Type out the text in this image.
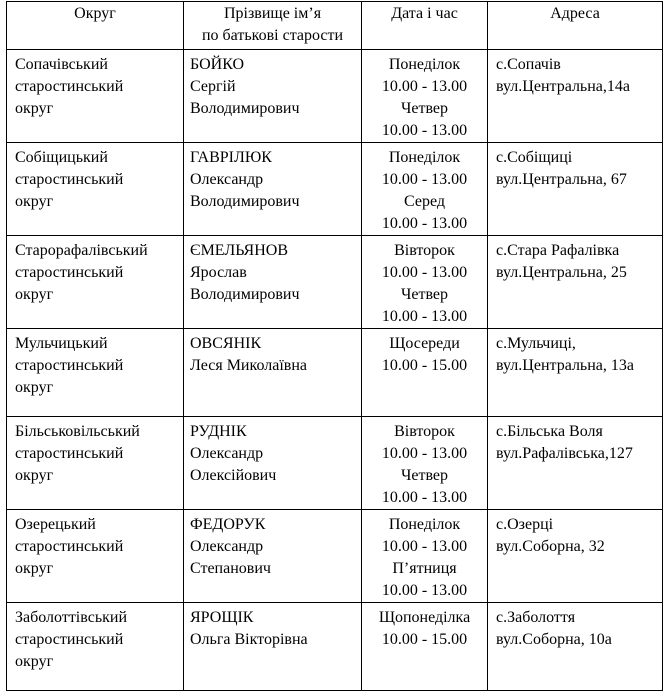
Округ	Прізвище ім’я
по батькові старости	Дата і час	Адреса

Сопачівський
старостинський
округ	БОЙКО
Сергій
Володимирович	Понеділок
10.00 - 13.00
Четвер
10.00 - 13.00	с.Сопачів
вул.Центральна,14а

Собіщицький
старостинський
округ	ГАВРІЛЮК
Олександр
Володимирович	Понеділок
10.00 - 13.00
Серед
10.00 - 13.00	с.Собіщиці
вул.Центральна, 67

Старорафалівський
старостинський
округ	ЄМЕЛЬЯНОВ
Ярослав
Володимирович	Вівторок
10.00 - 13.00
Четвер
10.00 - 13.00	с.Стара Рафалівка
вул.Центральна, 25

Мульчицький
старостинський
округ	ОВСЯНІК
Леся Миколаївна	Щосереди
10.00 - 15.00	с.Мульчиці,
вул.Центральна, 13а

Більськовільський
старостинський
округ	РУДНІК
Олександр
Олексійович	Вівторок
10.00 - 13.00
Четвер
10.00 - 13.00	с.Більська Воля
вул.Рафалівська,127

Озерецький
старостинський
округ	ФЕДОРУК
Олександр
Степанович	Понеділок
10.00 - 13.00
П’ятниця
10.00 - 13.00	с.Озерці
вул.Соборна, 32

Заболоттівський
старостинський
округ	ЯРОЩІК
Ольга Вікторівна	Щопонеділка
10.00 - 15.00	с.Заболоття
вул.Соборна, 10а
